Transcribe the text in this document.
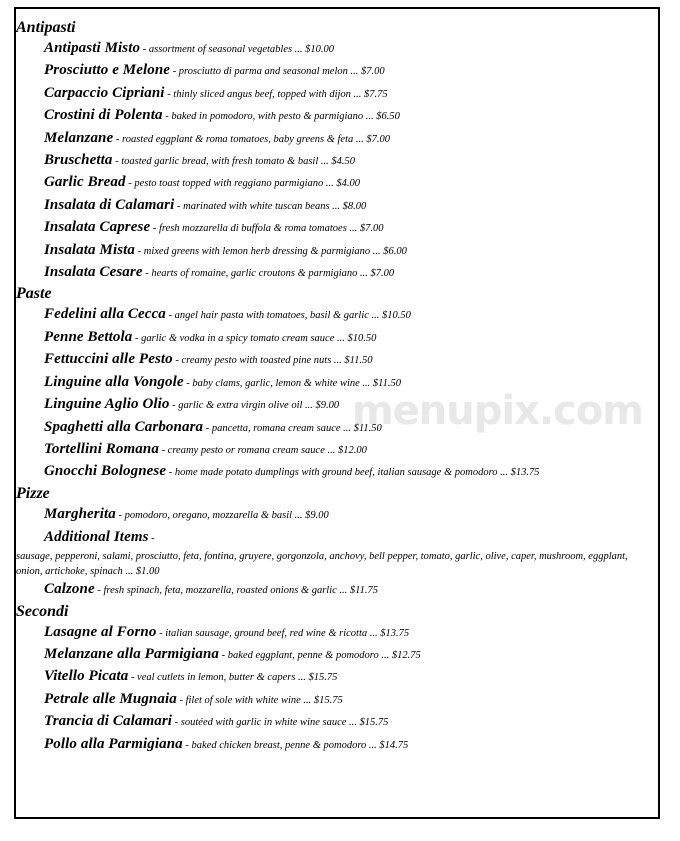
Antipasti
Antipasti Misto - assortment of seasonal vegetables ... $10.00
Prosciutto e Melone - prosciutto di parma and seasonal melon ... $7.00
Carpaccio Cipriani - thinly sliced angus beef, topped with dijon ... $7.75
Crostini di Polenta - baked in pomodoro, with pesto & parmigiano ... $6.50
Melanzane - roasted eggplant & roma tomatoes, baby greens & feta ... $7.00
Bruschetta - toasted garlic bread, with fresh tomato & basil ... $4.50
Garlic Bread - pesto toast topped with reggiano parmigiano ... $4.00
Insalata di Calamari - marinated with white tuscan beans ... $8.00
Insalata Caprese - fresh mozzarella di buffola & roma tomatoes ... $7.00
Insalata Mista - mixed greens with lemon herb dressing & parmigiano ... $6.00
Insalata Cesare - hearts of romaine, garlic croutons & parmigiano ... $7.00
Paste
Fedelini alla Cecca - angel hair pasta with tomatoes, basil & garlic ... $10.50
Penne Bettola - garlic & vodka in a spicy tomato cream sauce ... $10.50
Fettuccini alle Pesto - creamy pesto with toasted pine nuts ... $11.50
Linguine alla Vongole - baby clams, garlic, lemon & white wine ... $11.50
Linguine Aglio Olio - garlic & extra virgin olive oil ... $9.00
Spaghetti alla Carbonara - pancetta, romana cream sauce ... $11.50
Tortellini Romana - creamy pesto or romana cream sauce ... $12.00
Gnocchi Bolognese - home made potato dumplings with ground beef, italian sausage & pomodoro ... $13.75
Pizze
Margherita - pomodoro, oregano, mozzarella & basil ... $9.00
Additional Items -
sausage, pepperoni, salami, prosciutto, feta, fontina, gruyere, gorgonzola, anchovy, bell pepper, tomato, garlic, olive, caper, mushroom, eggplant, onion, artichoke, spinach ... $1.00
Calzone - fresh spinach, feta, mozzarella, roasted onions & garlic ... $11.75
Secondi
Lasagne al Forno - italian sausage, ground beef, red wine & ricotta ... $13.75
Melanzane alla Parmigiana - baked eggplant, penne & pomodoro ... $12.75
Vitello Picata - veal cutlets in lemon, butter & capers ... $15.75
Petrale alle Mugnaia - filet of sole with white wine ... $15.75
Trancia di Calamari - soutéed with garlic in white wine sauce ... $15.75
Pollo alla Parmigiana - baked chicken breast, penne & pomodoro ... $14.75
menupix.com
